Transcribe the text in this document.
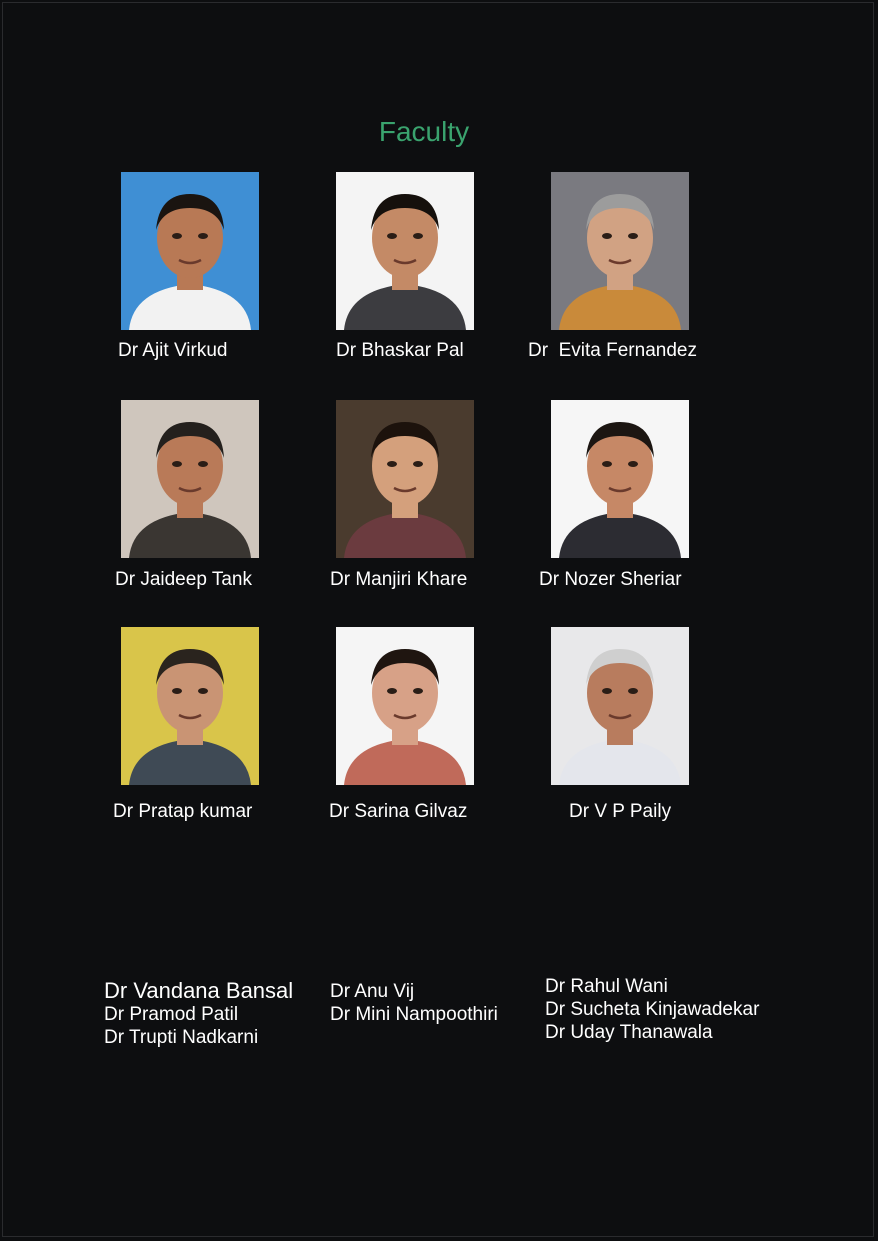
Faculty
Dr Ajit Virkud	Dr Bhaskar Pal	Dr  Evita Fernandez
Dr Jaideep Tank	Dr Manjiri Khare	Dr Nozer Sheriar
Dr Pratap kumar	Dr Sarina Gilvaz	Dr V P Paily
Dr Vandana Bansal
Dr Pramod Patil
Dr Trupti Nadkarni
Dr Anu Vij
Dr Mini Nampoothiri
Dr Rahul Wani
Dr Sucheta Kinjawadekar
Dr Uday Thanawala
